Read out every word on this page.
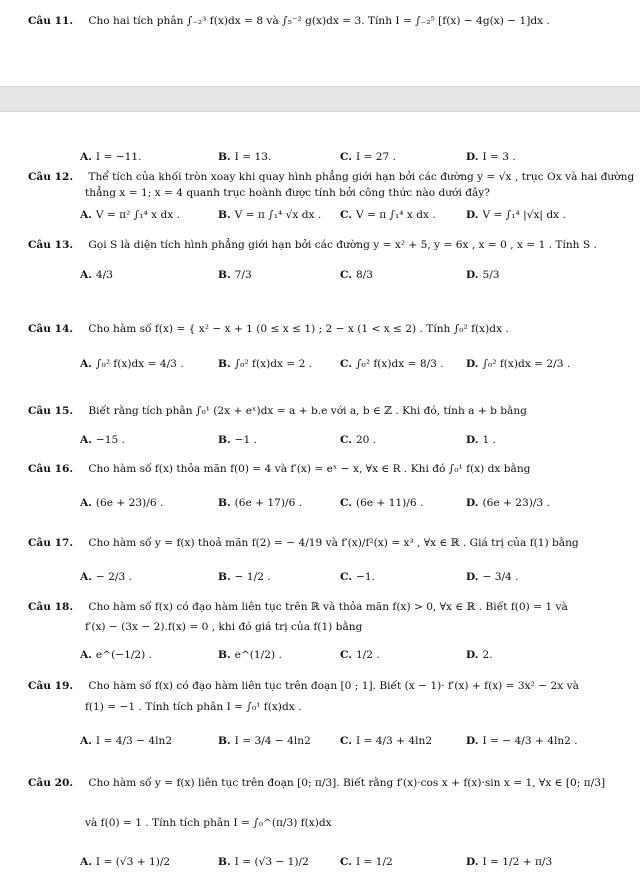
Câu 11. Cho hai tích phân ∫₋₂³ f(x)dx = 8 và ∫₅⁻² g(x)dx = 3. Tính I = ∫₋₂⁵ [f(x) − 4g(x) − 1]dx .
A. I = −11.	B. I = 13.	C. I = 27 .	D. I = 3 .
Câu 12. Thể tích của khối tròn xoay khi quay hình phẳng giới hạn bởi các đường y = √x , trục Ox và hai đường
thẳng x = 1; x = 4 quanh trục hoành được tính bởi công thức nào dưới đây?
A. V = π² ∫₁⁴ x dx .	B. V = π ∫₁⁴ √x dx . C. V = π ∫₁⁴ x dx .	D. V = ∫₁⁴ |√x| dx .
Câu 13. Gọi S là diện tích hình phẳng giới hạn bởi các đường y = x² + 5, y = 6x , x = 0 , x = 1 . Tính S .
A. 4/3	B. 7/3	C. 8/3	D. 5/3
Câu 14. Cho hàm số f(x) = { x² − x + 1 (0 ≤ x ≤ 1) ; 2 − x (1 < x ≤ 2) . Tính ∫₀² f(x)dx .
A. ∫₀² f(x)dx = 4/3 .	B. ∫₀² f(x)dx = 2 .	C. ∫₀² f(x)dx = 8/3 . D. ∫₀² f(x)dx = 2/3 .
Câu 15. Biết rằng tích phân ∫₀¹ (2x + eˣ)dx = a + b.e với a, b ∈ ℤ . Khi đó, tính a + b bằng
A. −15 .	B. −1 .	C. 20 .	D. 1 .
Câu 16. Cho hàm số f(x) thỏa mãn f(0) = 4 và f′(x) = eˣ − x, ∀x ∈ R . Khi đó ∫₀¹ f(x) dx bằng
A. (6e + 23)/6 .	B. (6e + 17)/6 .	C. (6e + 11)/6 .	D. (6e + 23)/3 .
Câu 17. Cho hàm số y = f(x) thoả mãn f(2) = − 4/19 và f′(x)/f²(x) = x³ , ∀x ∈ ℝ . Giá trị của f(1) bằng
A. − 2/3 .	B. − 1/2 .	C. −1.	D. − 3/4 .
Câu 18. Cho hàm số f(x) có đạo hàm liên tục trên ℝ và thỏa mãn f(x) > 0, ∀x ∈ ℝ . Biết f(0) = 1 và
f′(x) − (3x − 2).f(x) = 0 , khi đó giá trị của f(1) bằng
A. e^(−1/2) .	B. e^(1/2) .	C. 1/2 .	D. 2.
Câu 19. Cho hàm số f(x) có đạo hàm liên tục trên đoạn [0 ; 1]. Biết (x − 1)· f′(x) + f(x) = 3x² − 2x và
f(1) = −1 . Tính tích phân I = ∫₀¹ f(x)dx .
A. I = 4/3 − 4ln2	B. I = 3/4 − 4ln2	C. I = 4/3 + 4ln2	D. I = − 4/3 + 4ln2 .
Câu 20. Cho hàm số y = f(x) liên tục trên đoạn [0; π/3]. Biết rằng f′(x)·cos x + f(x)·sin x = 1, ∀x ∈ [0; π/3]
và f(0) = 1 . Tính tích phân I = ∫₀^(π/3) f(x)dx
A. I = (√3 + 1)/2	B. I = (√3 − 1)/2	C. I = 1/2	D. I = 1/2 + π/3
